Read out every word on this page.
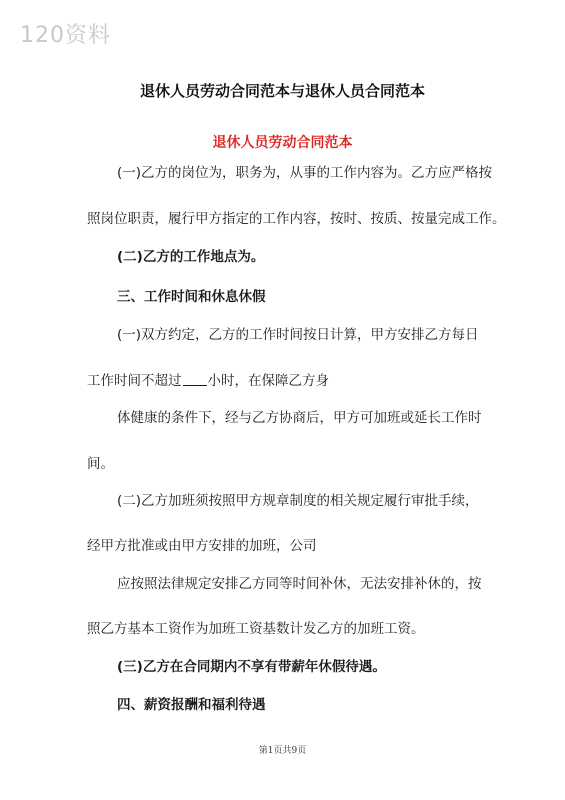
120资料
退休人员劳动合同范本与退休人员合同范本
退休人员劳动合同范本
(一)乙方的岗位为，职务为，从事的工作内容为。乙方应严格按
照岗位职责，履行甲方指定的工作内容，按时、按质、按量完成工作。
(二)乙方的工作地点为。
三、工作时间和休息休假
(一)双方约定，乙方的工作时间按日计算，甲方安排乙方每日
工作时间不超过 小时，在保障乙方身
体健康的条件下，经与乙方协商后，甲方可加班或延长工作时
间。
(二)乙方加班须按照甲方规章制度的相关规定履行审批手续，
经甲方批准或由甲方安排的加班，公司
应按照法律规定安排乙方同等时间补休，无法安排补休的，按
照乙方基本工资作为加班工资基数计发乙方的加班工资。
(三)乙方在合同期内不享有带薪年休假待遇。
四、薪资报酬和福利待遇
第1页共9页
